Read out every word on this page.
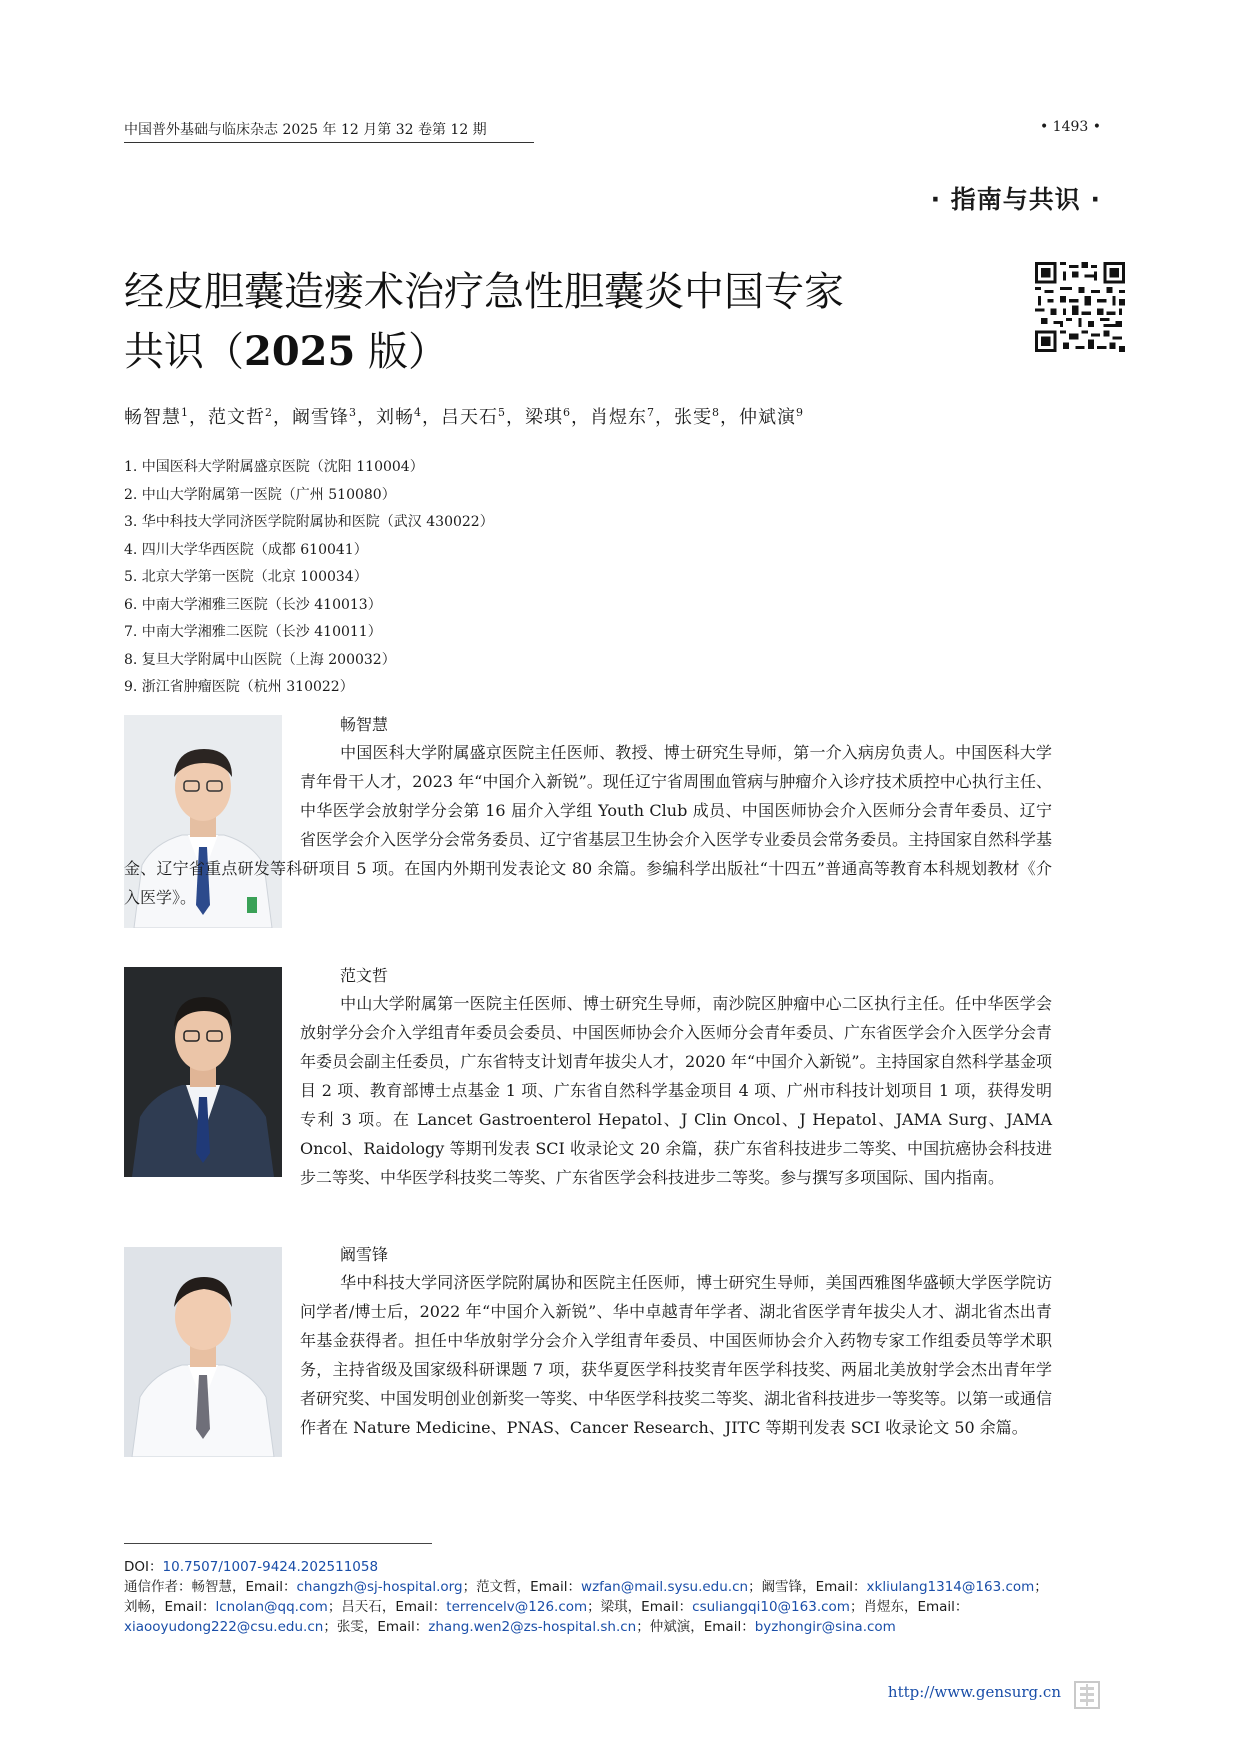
中国普外基础与临床杂志 2025 年 12 月第 32 卷第 12 期	• 1493 •
· 指南与共识 ·
经皮胆囊造瘘术治疗急性胆囊炎中国专家
共识（2025 版）
畅智慧$^1$，范文哲$^2$，阚雪锋$^3$，刘畅$^4$，吕天石$^5$，梁琪$^6$，肖煜东$^7$，张雯$^8$，仲斌演$^9$
1. 中国医科大学附属盛京医院（沈阳 110004）
2. 中山大学附属第一医院（广州 510080）
3. 华中科技大学同济医学院附属协和医院（武汉 430022）
4. 四川大学华西医院（成都 610041）
5. 北京大学第一医院（北京 100034）
6. 中南大学湘雅三医院（长沙 410013）
7. 中南大学湘雅二医院（长沙 410011）
8. 复旦大学附属中山医院（上海 200032）
9. 浙江省肿瘤医院（杭州 310022）
畅智慧
中国医科大学附属盛京医院主任医师、教授、博士研究生导师，第一介入病房负责人。中国医科大学青年骨干人才，2023 年“中国介入新锐”。现任辽宁省周围血管病与肿瘤介入诊疗技术质控中心执行主任、中华医学会放射学分会第 16 届介入学组 Youth Club 成员、中国医师协会介入医师分会青年委员、辽宁省医学会介入医学分会常务委员、辽宁省基层卫生协会介入医学专业委员会常务委员。主持国家自然科学基金、辽宁省重点研发等科研项目 5 项。在国内外期刊发表论文 80 余篇。参编科学出版社“十四五”普通高等教育本科规划教材《介入医学》。
范文哲
中山大学附属第一医院主任医师、博士研究生导师，南沙院区肿瘤中心二区执行主任。任中华医学会放射学分会介入学组青年委员会委员、中国医师协会介入医师分会青年委员、广东省医学会介入医学分会青年委员会副主任委员，广东省特支计划青年拔尖人才，2020 年“中国介入新锐”。主持国家自然科学基金项目 2 项、教育部博士点基金 1 项、广东省自然科学基金项目 4 项、广州市科技计划项目 1 项，获得发明专利 3 项。在 Lancet Gastroenterol Hepatol、J Clin Oncol、J Hepatol、JAMA Surg、JAMA Oncol、Raidology 等期刊发表 SCI 收录论文 20 余篇，获广东省科技进步二等奖、中国抗癌协会科技进步二等奖、中华医学科技奖二等奖、广东省医学会科技进步二等奖。参与撰写多项国际、国内指南。
阚雪锋
华中科技大学同济医学院附属协和医院主任医师，博士研究生导师，美国西雅图华盛顿大学医学院访问学者/博士后，2022 年“中国介入新锐”、华中卓越青年学者、湖北省医学青年拔尖人才、湖北省杰出青年基金获得者。担任中华放射学分会介入学组青年委员、中国医师协会介入药物专家工作组委员等学术职务，主持省级及国家级科研课题 7 项，获华夏医学科技奖青年医学科技奖、两届北美放射学会杰出青年学者研究奖、中国发明创业创新奖一等奖、中华医学科技奖二等奖、湖北省科技进步一等奖等。以第一或通信作者在 Nature Medicine、PNAS、Cancer Research、JITC 等期刊发表 SCI 收录论文 50 余篇。
DOI：10.7507/1007-9424.202511058
通信作者：畅智慧，Email：changzh@sj-hospital.org；范文哲，Email：wzfan@mail.sysu.edu.cn；阚雪锋，Email：xkliulang1314@163.com；刘畅，Email：lcnolan@qq.com；吕天石，Email：terrencelv@126.com；梁琪，Email：csuliangqi10@163.com；肖煜东，Email：xiaooyudong222@csu.edu.cn；张雯，Email：zhang.wen2@zs-hospital.sh.cn；仲斌演，Email：byzhongir@sina.com
http://www.gensurg.cn
